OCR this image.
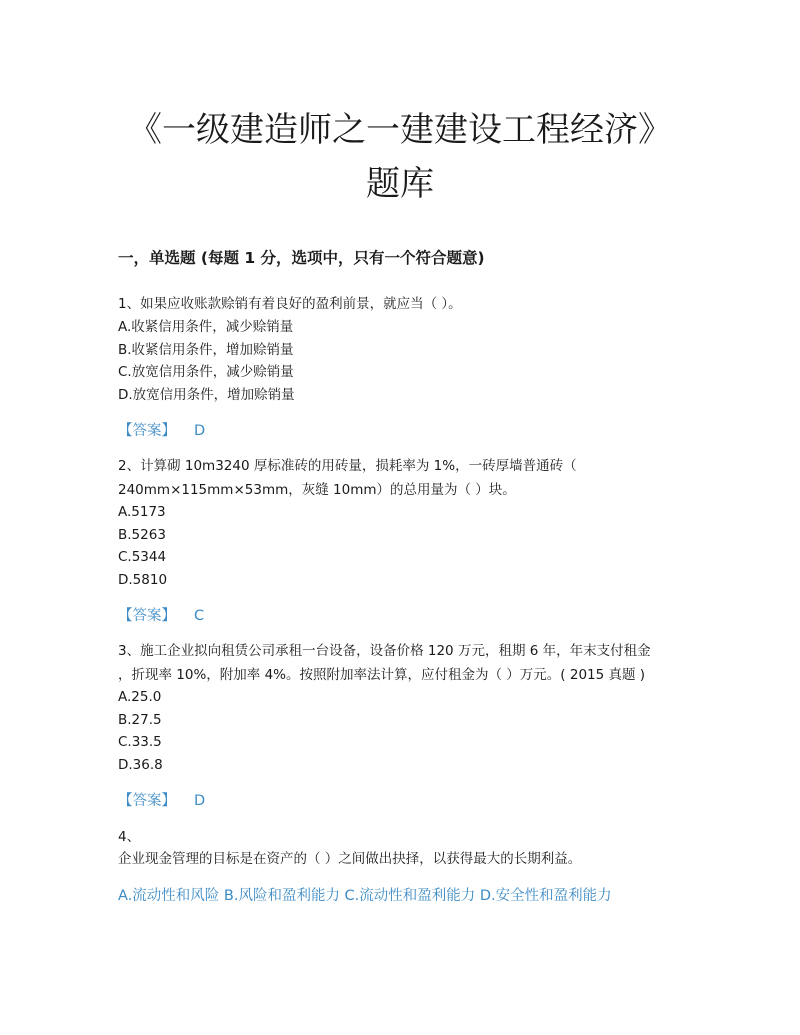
《一级建造师之一建建设工程经济》
题库
一，单选题 (每题 1 分，选项中，只有一个符合题意)
1、如果应收账款赊销有着良好的盈利前景，就应当（ ）。
A.收紧信用条件，减少赊销量
B.收紧信用条件，增加赊销量
C.放宽信用条件，减少赊销量
D.放宽信用条件，增加赊销量
【答案】 D
2、计算砌 10m3240 厚标准砖的用砖量，损耗率为 1%，一砖厚墙普通砖（
240mm×115mm×53mm，灰缝 10mm）的总用量为（ ）块。
A.5173
B.5263
C.5344
D.5810
【答案】 C
3、施工企业拟向租赁公司承租一台设备，设备价格 120 万元，租期 6 年，年末支付租金
，折现率 10%，附加率 4%。按照附加率法计算，应付租金为（ ）万元。( 2015 真题 )
A.25.0
B.27.5
C.33.5
D.36.8
【答案】 D
4、
企业现金管理的目标是在资产的（ ）之间做出抉择，以获得最大的长期利益。
A.流动性和风险 B.风险和盈利能力 C.流动性和盈利能力 D.安全性和盈利能力
